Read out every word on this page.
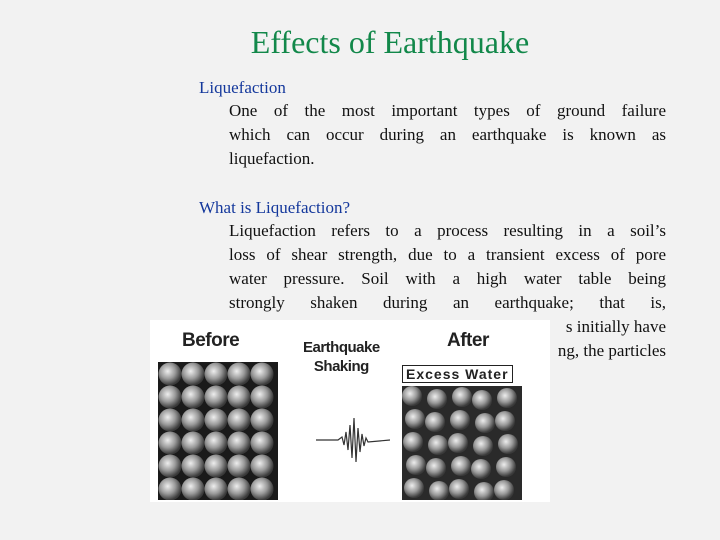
Effects of Earthquake
Liquefaction
One of the most important types of ground failure
which can occur during an earthquake is known as
liquefaction.
What is Liquefaction?
Liquefaction refers to a process resulting in a soil’s
loss of shear strength, due to a transient excess of pore
water pressure. Soil with a high water table being
strongly shaken during an earthquake; that is,
s initially have
ng, the particles
Before	Earthquake
Shaking
After
Excess Water
